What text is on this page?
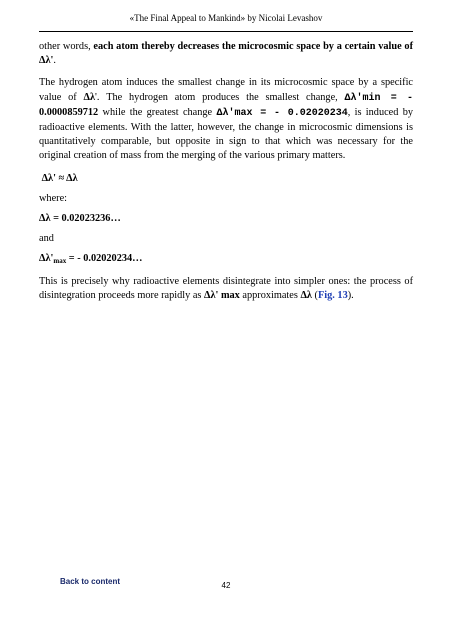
«The Final Appeal to Mankind» by Nicolai Levashov

other words, each atom thereby decreases the microcosmic space by a certain value of Δλ'.

The hydrogen atom induces the smallest change in its microcosmic space by a specific value of Δλ'. The hydrogen atom produces the smallest change, Δλ'min = - 0.0000859712 while the greatest change Δλ'max = - 0.02020234, is induced by radioactive elements. With the latter, however, the change in microcosmic dimensions is quantitatively comparable, but opposite in sign to that which was necessary for the original creation of mass from the merging of the various primary matters.

Δλ' ≈ Δλ

where:

Δλ = 0.02023236…

and

$\Delta\lambda'_{max}$ = - 0.02020234…

This is precisely why radioactive elements disintegrate into simpler ones: the process of disintegration proceeds more rapidly as Δλ' max approximates Δλ (Fig. 13).

Back to content	42
